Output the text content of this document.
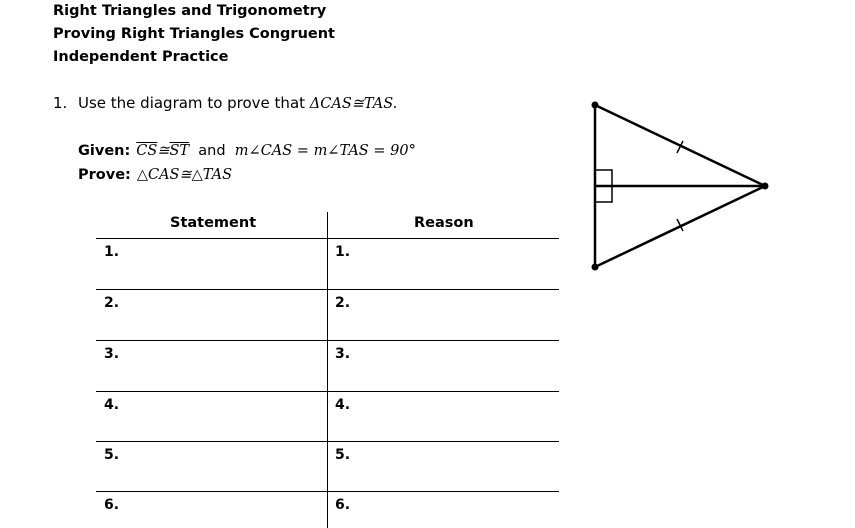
Right Triangles and Trigonometry
Proving Right Triangles Congruent
Independent Practice
1. Use the diagram to prove that ΔCAS≅TAS.
Given: $\overline{CS}≅\overline{ST}$ and m∠CAS = m∠TAS = 90°
Prove: △CAS≅△TAS
Statement	Reason
1.	1.
2.	2.
3.	3.
4.	4.
5.	5.
6.	6.
